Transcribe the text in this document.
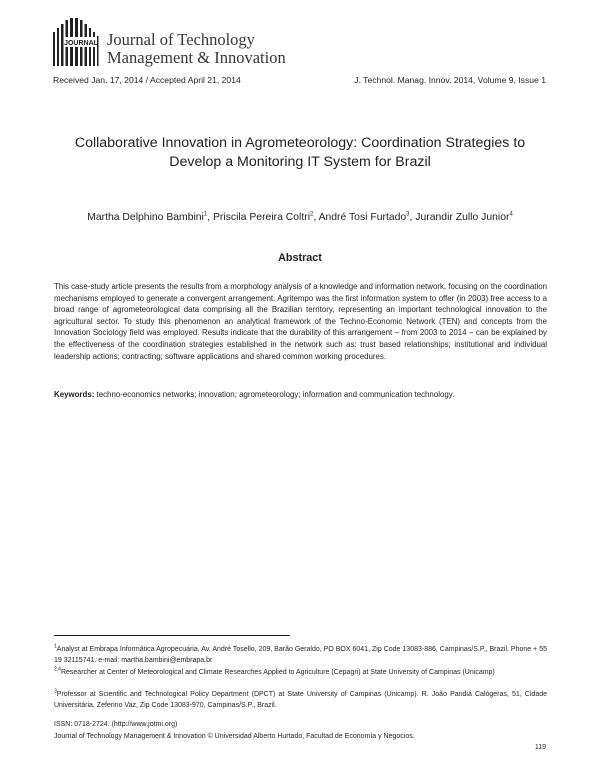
JOURNAL Journal of Technology
Management & Innovation
Received Jan. 17, 2014 / Accepted April 21, 2014	J. Technol. Manag. Innov. 2014, Volume 9, Issue 1
Collaborative Innovation in Agrometeorology: Coordination Strategies to
Develop a Monitoring IT System for Brazil
Martha Delphino Bambini$^1$, Priscila Pereira Coltri$^2$, André Tosi Furtado$^3$, Jurandir Zullo Junior$^4$
Abstract
This case-study article presents the results from a morphology analysis of a knowledge and information network, focusing on the coordination mechanisms employed to generate a convergent arrangement. Agritempo was the first information system to offer (in 2003) free access to a broad range of agrometeorological data comprising all the Brazilian territory, representing an important technological innovation to the agricultural sector. To study this phenomenon an analytical framework of the Techno-Economic Network (TEN) and concepts from the Innovation Sociology field was employed. Results indicate that the durability of this arrangement – from 2003 to 2014 – can be explained by the effectiveness of the coordination strategies established in the network such as: trust based relationships; institutional and individual leadership actions; contracting; software applications and shared common working procedures.
Keywords: techno-economics networks; innovation; agrometeorology; information and communication technology.
$^1$Analyst at Embrapa Informática Agropecuária, Av. André Tosello, 209, Barão Geraldo, PO BOX 6041, Zip Code 13083-886, Campinas/S.P., Brazil. Phone + 55 19 32115741. e-mail: martha.bambini@embrapa.br
$^{2,4}$Researcher at Center of Meteorological and Climate Researches Applied to Agriculture (Cepagri) at State University of Campinas (Unicamp)
$^3$Professor at Scientific and Technological Policy Department (DPCT) at State University of Campinas (Unicamp). R. João Pandiá Calógeras, 51, Cidade Universitária, Zeferino Vaz, Zip Code 13083-970, Campinas/S.P., Brazil.
ISSN: 0718-2724. (http://www.jotmi.org)
Journal of Technology Management & Innovation © Universidad Alberto Hurtado, Facultad de Economía y Negocios.
119
